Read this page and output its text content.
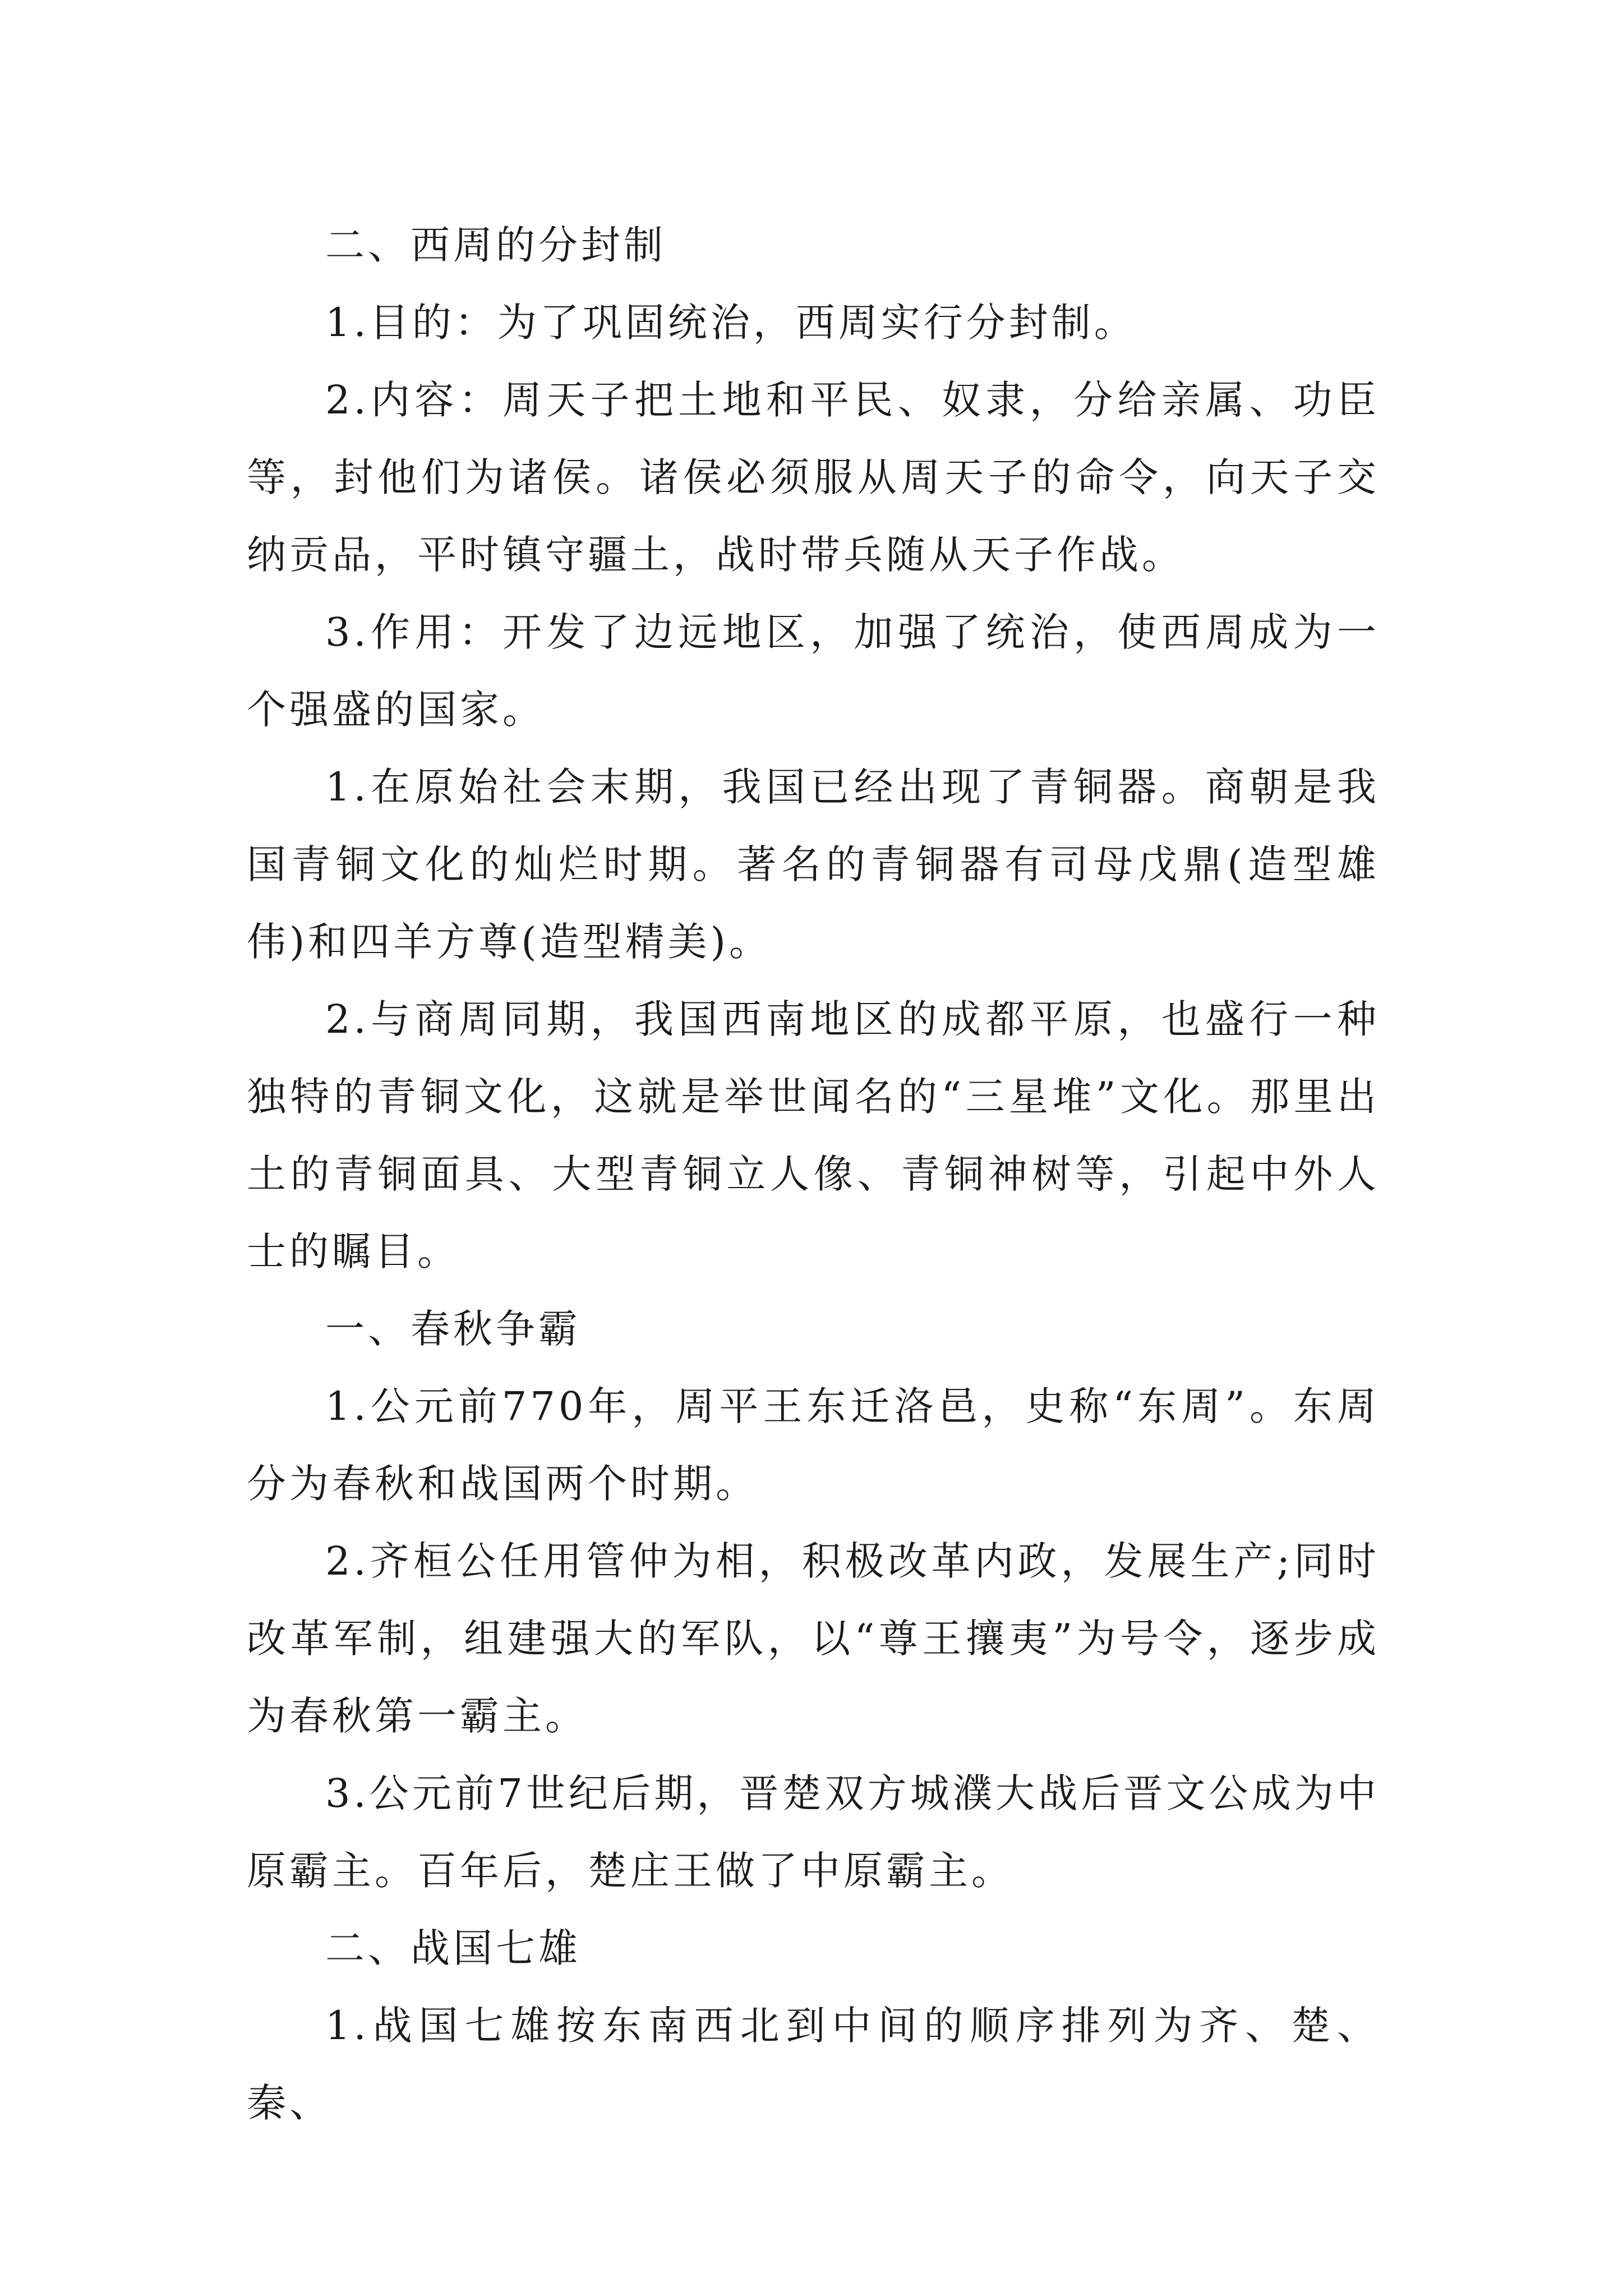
二、西周的分封制

1.目的：为了巩固统治，西周实行分封制。

2.内容：周天子把土地和平民、奴隶，分给亲属、功臣等，封他们为诸侯。诸侯必须服从周天子的命令，向天子交纳贡品，平时镇守疆土，战时带兵随从天子作战。

3.作用：开发了边远地区，加强了统治，使西周成为一个强盛的国家。

1.在原始社会末期，我国已经出现了青铜器。商朝是我国青铜文化的灿烂时期。著名的青铜器有司母戊鼎(造型雄伟)和四羊方尊(造型精美)。

2.与商周同期，我国西南地区的成都平原，也盛行一种独特的青铜文化，这就是举世闻名的“三星堆”文化。那里出土的青铜面具、大型青铜立人像、青铜神树等，引起中外人士的瞩目。

一、春秋争霸

1.公元前770年，周平王东迁洛邑，史称“东周”。东周分为春秋和战国两个时期。

2.齐桓公任用管仲为相，积极改革内政，发展生产;同时改革军制，组建强大的军队，以“尊王攘夷”为号令，逐步成为春秋第一霸主。

3.公元前7世纪后期，晋楚双方城濮大战后晋文公成为中原霸主。百年后，楚庄王做了中原霸主。

二、战国七雄

1.战国七雄按东南西北到中间的顺序排列为齐、楚、秦、
